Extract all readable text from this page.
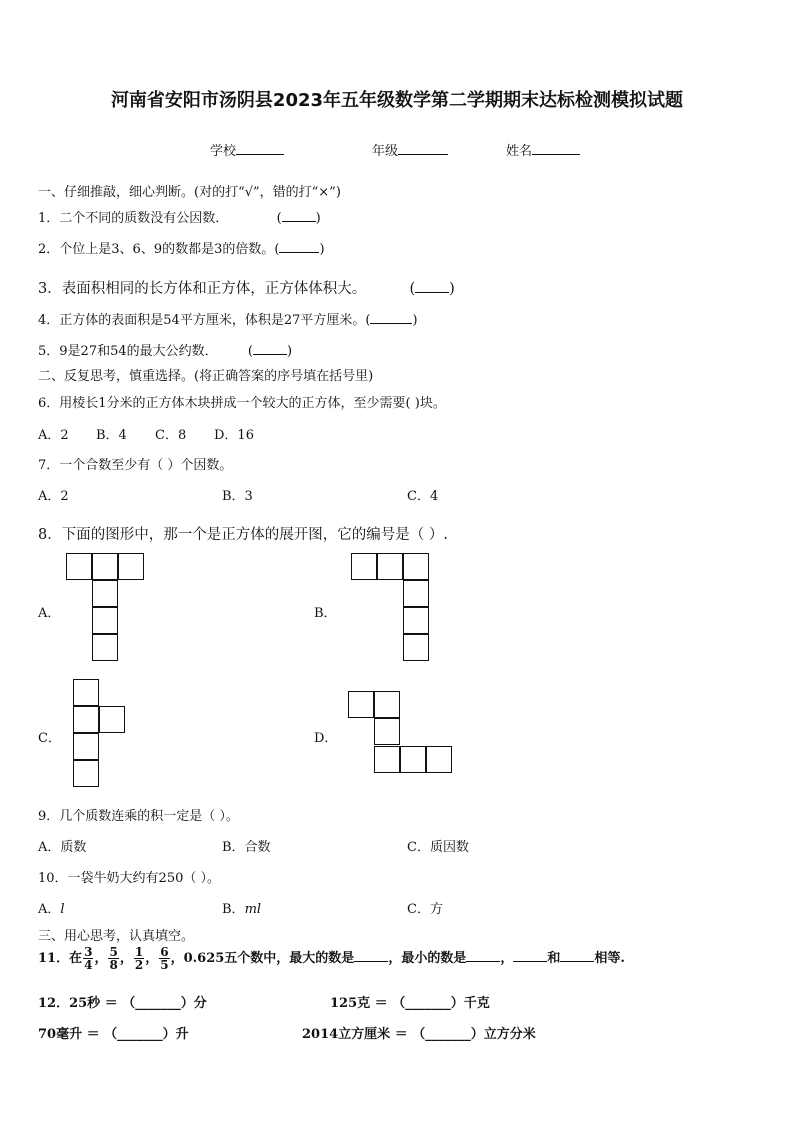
河南省安阳市汤阴县2023年五年级数学第二学期期末达标检测模拟试题
学校	年级	姓名
一、仔细推敲，细心判断。(对的打“√”，错的打“×”)
1．二个不同的质数没有公因数．	(	)
2．个位上是3、6、9的数都是3的倍数。(	)
3．表面积相同的长方体和正方体，正方体体积大。	( )
4．正方体的表面积是54平方厘米，体积是27平方厘米。(	)
5．9是27和54的最大公约数． (	)
二、反复思考，慎重选择。(将正确答案的序号填在括号里)
6．用棱长1分米的正方体木块拼成一个较大的正方体，至少需要( )块。
A．2 B．4 C．8 D．16
7．一个合数至少有（ ）个因数。
A．2	B．3	C．4
8．下面的图形中，那一个是正方体的展开图，它的编号是（ ）.
A．	B．
C．	D．
9．几个质数连乘的积一定是（ ）。
A．质数	B．合数	C．质因数
10．一袋牛奶大约有250（ ）。
A．l	B．ml	C．方
三、用心思考，认真填空。
11．在 $\frac{3}{4}$ ， $\frac{5}{8}$ ， $\frac{1}{2}$ ， $\frac{6}{5}$ ，0.625五个数中，最大的数是	，最小的数是	，	和	相等.
12．25秒 ＝ （_______）分	125克 ＝ （_______）千克
70毫升 ＝ （_______）升	2014立方厘米 ＝ （_______）立方分米
